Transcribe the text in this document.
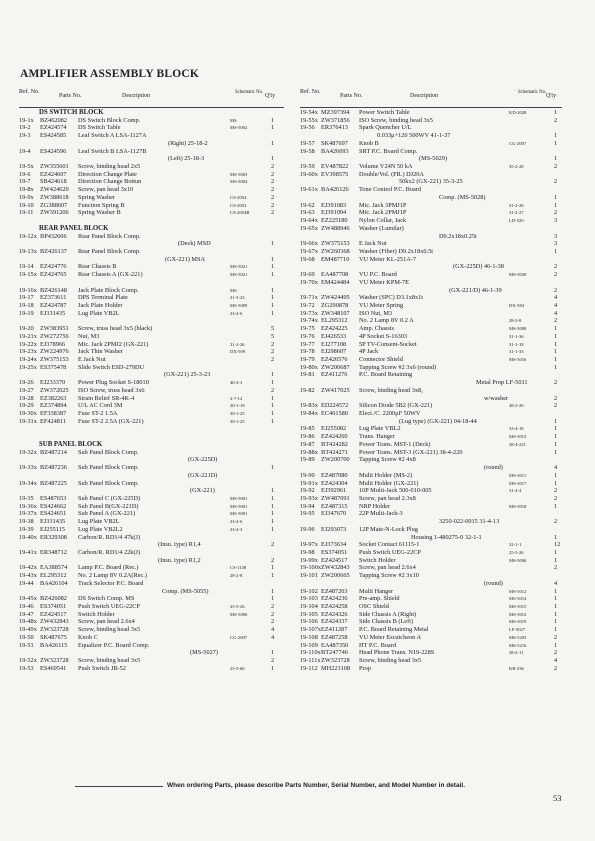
AMPLIFIER ASSEMBLY BLOCK
Ref. No.
Parts No.	Description
Schematic No.
Q'ty
DS SWITCH BLOCK
19-1x BZ462082 DS Switch Block Comp.	MS	1
19-2 EZ424574 DS Switch Table	MS-5002	1
19-3 ES424585 Leaf Switch A LSA-1127A
(Right) 25-18-2	1
19-4 ES424596 Leaf Switch B LSA-1127B
(Left) 25-18-3	1
19-5x ZW355601 Screw, binding head 2x5	2
19-6 EZ424607 Direction Change Plate	MS-5003	2
19-7 SB424618 Direction Change Bottun	MS-5004	2
19-8x ZW424620 Screw, pan head 3x10	2
19-9x ZW388618 Spring Washer	CS-2054	2
19-10 ZG388607 Function Spring B	CS-2053	2
19-11 ZW391206 Spring Washer B	CS-2054B	2
REAR PANEL BLOCK
19-12x BP432606 Rear Panel Block Comp.
(Deck) MSD	1
19-13x BZ426137 Rear Panel Block Comp.
(GX-221) MSA	1
19-14 EZ424776 Rear Chassis B	MS-5021	1
19-15x EZ424765 Rear Chassis A (GX-221)	MS-5021	1
19-16x BZ426148 Jack Plate Block Comp.	MS	1
19-17 EZ373611 DPS Terminal Plate	31-5-23	1
19-18 EZ424787 Jack Plate Holder	MS-5009	1
19-19 EJ331435 Lug Plate VB2L	33-4-6	1
19-20 ZW383951 Screw, truss head 3x5 (black)	5
19-21x ZW272756 Nut, M3	5
19-22x EJ378966 Mic. Jack 2PMJ2 (GX-221)	31-2-26	2
19-23x ZW224976 Jack Thin Washer	DX-509	2
19-24x ZW375153 E Jack Nut	2
19-25x ES375478 Slide Switch ESD-279DU
(GX-221) 25-3-23	1
19-26 EJ233370 Power Plug Socket S-18010	40-2-3	1
19-27 ZW372025 ISO Screw, truss head 3x6	2
19-28 EZ382263 Strain Relief SR-4K-4	2-7-12	1
19-29 EZ374894 U/L AC Cord 3M	20-1-19	1
19-30x EF338387 Fuse ST-2 1.5A	39-1-25	1
19-31x EF424811 Fuse ST-2 2.5A (GX-221)	39-1-25	1
SUB PANEL BLOCK
19-32x BZ487214 Sub Panel Block Comp.
(GX-225D)
19-33x BZ487236 Sub Panel Block Comp.	1
(GX-221D)
19-34x BZ487225 Sub Panel Block Comp.
(GX-221)	1
19-35 ES487653 Sub Panel C (GX-225D)	MS-5001	1
19-36x ES424662 Sub Panel B(GX-221D)	MS-5001	1
19-37x ES424651 Sub Panel A (GX-221)	MS-5001	1
19-38 EJ331435 Lug Plate VB2L	33-4-6	1
19-39 EJ255115 Lug Plate VB2L2	33-4-3	1
19-40x ER329308 Carbon/R. RD1/4 47k(J)
(Insu. type) R1,4	2
19-41x ER348712 Carbon/R. RD1/4 22k(J)
(Insu. type) R1,2	2
19-42x EA388574 Lamp P.C. Board (Rec.)	CS-1138	1
19-43x EL295312 No. 2 Lamp 8V 0.2A(Rec.)	28-2-8	1
19-44 BA426104 Track Selector P.C. Board
Comp. (MS-5055)	1
19-45x BZ426082 DS Switch Comp. MS	1
19-46 ES374051 Push Switch UEG-22CP	25-5-26	2
19-47 EZ424517 Switch Holder	MS-5006	2
19-48x ZW432843 Screw, pan head 2.6x4	2
19-49x ZW323728 Screw, binding head 3x5	4
19-50 SK487675 Knob C	CG-2007	4
19-51 BA426115 Equalizer P.C. Board Comp.
(MS-5027)	1
19-52x ZW323728 Screw, binding head 3x5	2
19-53 ES469541 Push Switch JB-52	25-5-60	1
Ref. No.
Parts No.	Description
Schematic No.
Q'ty
19-54x MZ397394 Power Switch Table	KD-2028	1
19-55x ZW371856 ISO Screw, binding head 3x5	2
19-56 ER376413 Spark Quencher U/L
0.033μ+120 500WV 41-1-37	1
19-57 SK487697 Knob B	CG-2007	1
19-58 BA426093 SRT P.C. Board Comp.
(MS-5029)	1
19-59 EV487822 Volume V24N 50 kA	35-2-28	2
19-60x EV398575 Double/Vol. (FR.) DJ20A
50kx2 (GX-221) 35-3-25	2
19-61x BA426126 Tone Control P.C. Board
Comp. (MS-5028)	1
19-62 EJ391083 Mic. Jack 3PMJ1P	31-2-28	1
19-63 EJ391094 Mic. Jack 2PMJ1P	31-2-27	2
19-64x EZ225180 Nylon Collar, Jack	LD-520	3
19-65x ZW488946 Washer (Lumilar)
D9.2x18x0.25t	3
19-66x ZW375153 E Jack Nut	3
19-67x ZW260368 Washer (Fiber) D9.2x18x0.5t	1
19-68 EM487710 VU Meter KL-251A-7
(GX-225D) 46-1-38	2
19-69 EA487708 VU P.C. Board	MS-5030	2
19-70x EM424484 VU Meter KPM-7E
(GX-221/D) 46-1-39	2
19-71x ZW424495 Washer (SPC) D3.1x8x1t	4
19-72 ZG290878 VU Meter Spring	DX-584	4
19-73x ZW348107 ISO Nut, M3	4
19-74x EL295312 No. 2 Lamp 8V 0.2 A	28-2-8	2
19-75 EZ424225 Amp. Chassis	MS-5008	1
19-76 EJ426533 4P Socket S-16303	31-1-36	1
19-77 EJ277108 5P TV-Consent-Socket	31-1-18	1
19-78 EJ298607 4P Jack	31-1-33	1
19-79 EZ426576 Connector Shield	MS-5016	1
19-80x ZW200687 Tapping Screw #2 3x6 (round)	1
19-81 EZ411276 P.C. Board Retaining
Metal Prop LF-5011	2
19-82 ZW417025 Screw, binding head 3x8,
w/washer	2
19-83x ED224572 Silicon Diode 5B2 (GX-221)	48-2-20	2
19-84x EC401580 Elect./C. 2200μF 50WV
(Lug type) (GX-221) 04-18-44	1
19-85 EJ255082 Lug Plate VBL2	33-4-18	1
19-86 EZ424260 Trans. Hanger	MS-5013	1
19-87 BT424282 Power Trans. MST-1 (Deck)	38-4-221	1
19-88x BT424271 Power Trans. MST-3 (GX-221) 38-4-220	1
19-89 ZW200700 Tapping Screw #2 4x8
(round)	4
19-90 EZ487080 Multi Holder (MS-2)	MS-5011	1
19-91x EZ424304 Multi Holder (GX-221)	MS-5017	1
19-92 EJ392961 10P Multi-Jack 500-010-005	31-4-4	2
19-93x ZW487091 Screw, pan head 2.3x8	2
19-94 EZ487315 NRP Holder	MS-5018	1
19-95 EJ347670 22P Multi-Jack-3
3250-022-0015 31-4-13	2
19-96 EJ293073 12P Mate-N-Lock Plug
Housing 1-480275-0 32-1-1	1
19-97x EJ373634 Socket Contact 61115-1	32-1-1	12
19-98 ES374051 Push Switch UEG-22CP	25-5-26	1
19-99x EZ424517 Switch Holder	MS-5006	1
19-100x ZW432843 Screw, pan head 2.6x4	2
19-101 ZW200665 Tapping Screw #2 3x10
(round)	4
19-102 EZ487203 Multi Hanger	MS-5012	1
19-103 EZ424236 Pre-amp. Shield	MS-5014	1
19-104 EZ424258 OSC Shield	MS-5015	1
19-105 EZ424326 Side Chassis A (Right)	MS-5012	1
19-106 EZ424337 Side Chassis B (Left)	MS-5019	1
19-107x EZ411287 P.C. Board Retaining Metal	LF-5027	1
19-108 EZ487258 VU Meter Escutcheon A	MS-5203	2
19-109 EA487350 HT P.C. Board	MS-5216	1
19-110x BT247746 Head Phone Trans. N19-228S	38-2-11	2
19-111x ZW323728 Screw, binding head 3x5	4
19-112 MH223108 Prop	KR-336	2
When ordering Parts, please describe Parts Number, Serial Number, and Model Number in detail.
53
